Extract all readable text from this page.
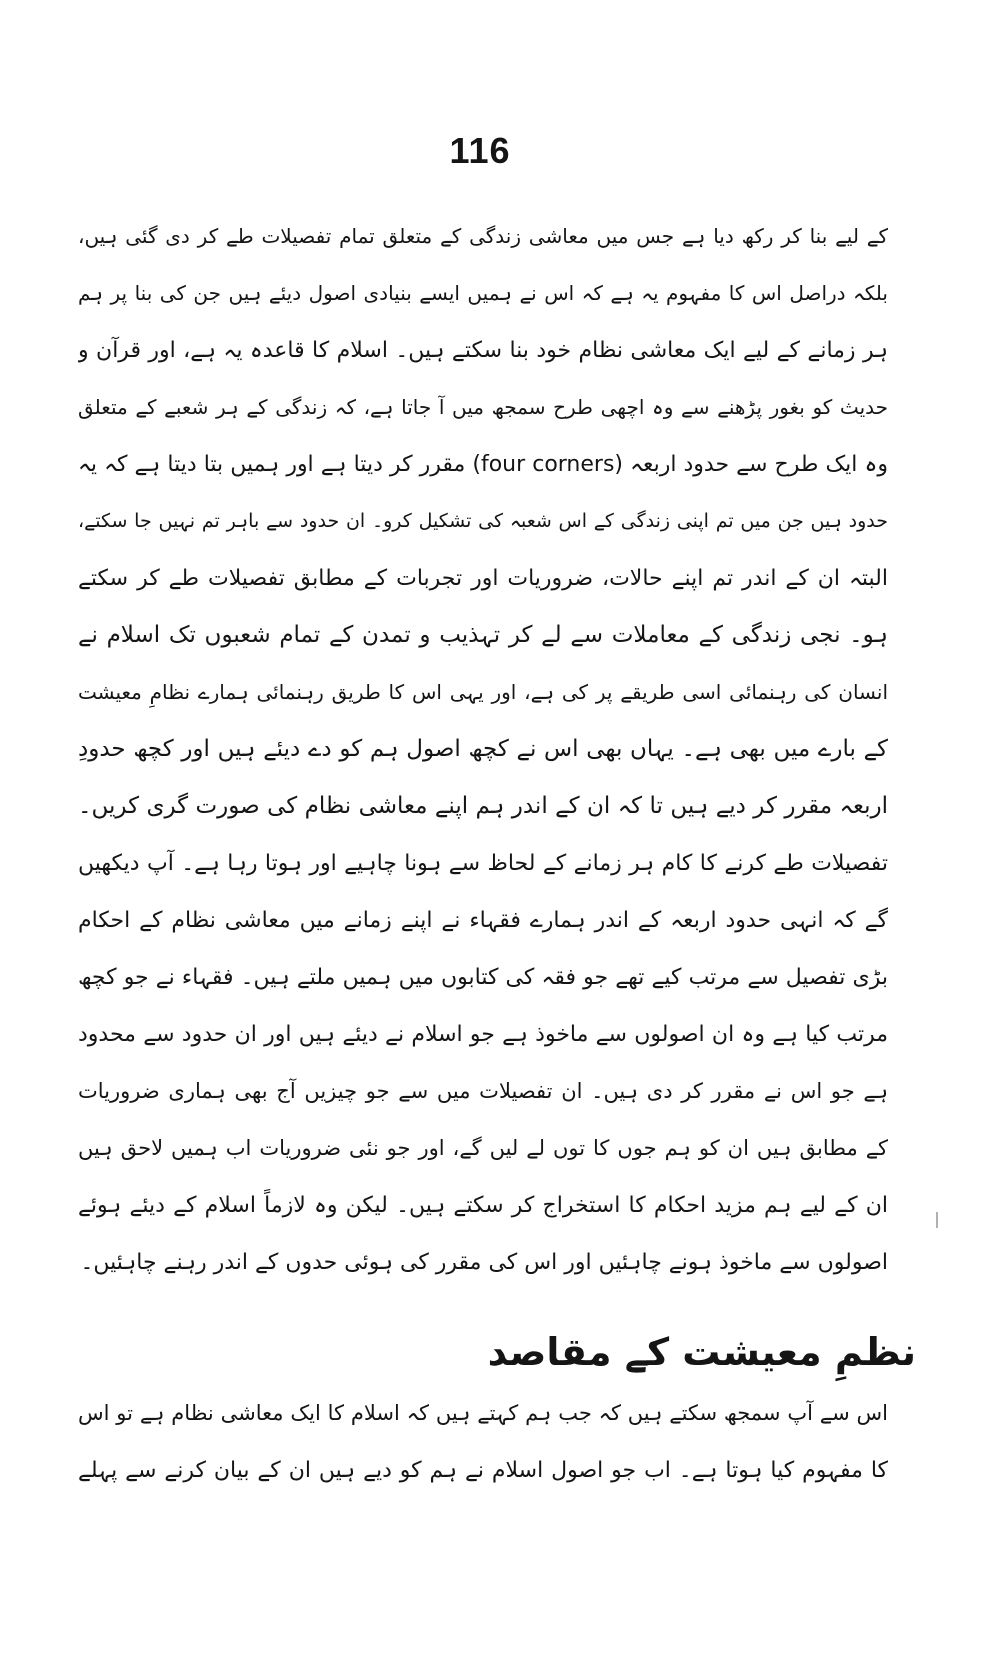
116
کے لیے بنا کر رکھ دیا ہے جس میں معاشی زندگی کے متعلق تمام تفصیلات طے کر دی گئی ہیں،
بلکہ دراصل اس کا مفہوم یہ ہے کہ اس نے ہمیں ایسے بنیادی اصول دیئے ہیں جن کی بنا پر ہم
ہر زمانے کے لیے ایک معاشی نظام خود بنا سکتے ہیں۔ اسلام کا قاعدہ یہ ہے، اور قرآن و
حدیث کو بغور پڑھنے سے وہ اچھی طرح سمجھ میں آ جاتا ہے، کہ زندگی کے ہر شعبے کے متعلق
وہ ایک طرح سے حدود اربعہ (four corners) مقرر کر دیتا ہے اور ہمیں بتا دیتا ہے کہ یہ
حدود ہیں جن میں تم اپنی زندگی کے اس شعبہ کی تشکیل کرو۔ ان حدود سے باہر تم نہیں جا سکتے،
البتہ ان کے اندر تم اپنے حالات، ضروریات اور تجربات کے مطابق تفصیلات طے کر سکتے
ہو۔ نجی زندگی کے معاملات سے لے کر تہذیب و تمدن کے تمام شعبوں تک اسلام نے
انسان کی رہنمائی اسی طریقے پر کی ہے، اور یہی اس کا طریق رہنمائی ہمارے نظامِ معیشت
کے بارے میں بھی ہے۔ یہاں بھی اس نے کچھ اصول ہم کو دے دیئے ہیں اور کچھ حدودِ
اربعہ مقرر کر دیے ہیں تا کہ ان کے اندر ہم اپنے معاشی نظام کی صورت گری کریں۔
تفصیلات طے کرنے کا کام ہر زمانے کے لحاظ سے ہونا چاہیے اور ہوتا رہا ہے۔ آپ دیکھیں
گے کہ انہی حدود اربعہ کے اندر ہمارے فقہاء نے اپنے زمانے میں معاشی نظام کے احکام
بڑی تفصیل سے مرتب کیے تھے جو فقہ کی کتابوں میں ہمیں ملتے ہیں۔ فقہاء نے جو کچھ
مرتب کیا ہے وہ ان اصولوں سے ماخوذ ہے جو اسلام نے دیئے ہیں اور ان حدود سے محدود
ہے جو اس نے مقرر کر دی ہیں۔ ان تفصیلات میں سے جو چیزیں آج بھی ہماری ضروریات
کے مطابق ہیں ان کو ہم جوں کا توں لے لیں گے، اور جو نئی ضروریات اب ہمیں لاحق ہیں
ان کے لیے ہم مزید احکام کا استخراج کر سکتے ہیں۔ لیکن وہ لازماً اسلام کے دیئے ہوئے
اصولوں سے ماخوذ ہونے چاہئیں اور اس کی مقرر کی ہوئی حدوں کے اندر رہنے چاہئیں۔
نظمِ معیشت کے مقاصد
اس سے آپ سمجھ سکتے ہیں کہ جب ہم کہتے ہیں کہ اسلام کا ایک معاشی نظام ہے تو اس
کا مفہوم کیا ہوتا ہے۔ اب جو اصول اسلام نے ہم کو دیے ہیں ان کے بیان کرنے سے پہلے
